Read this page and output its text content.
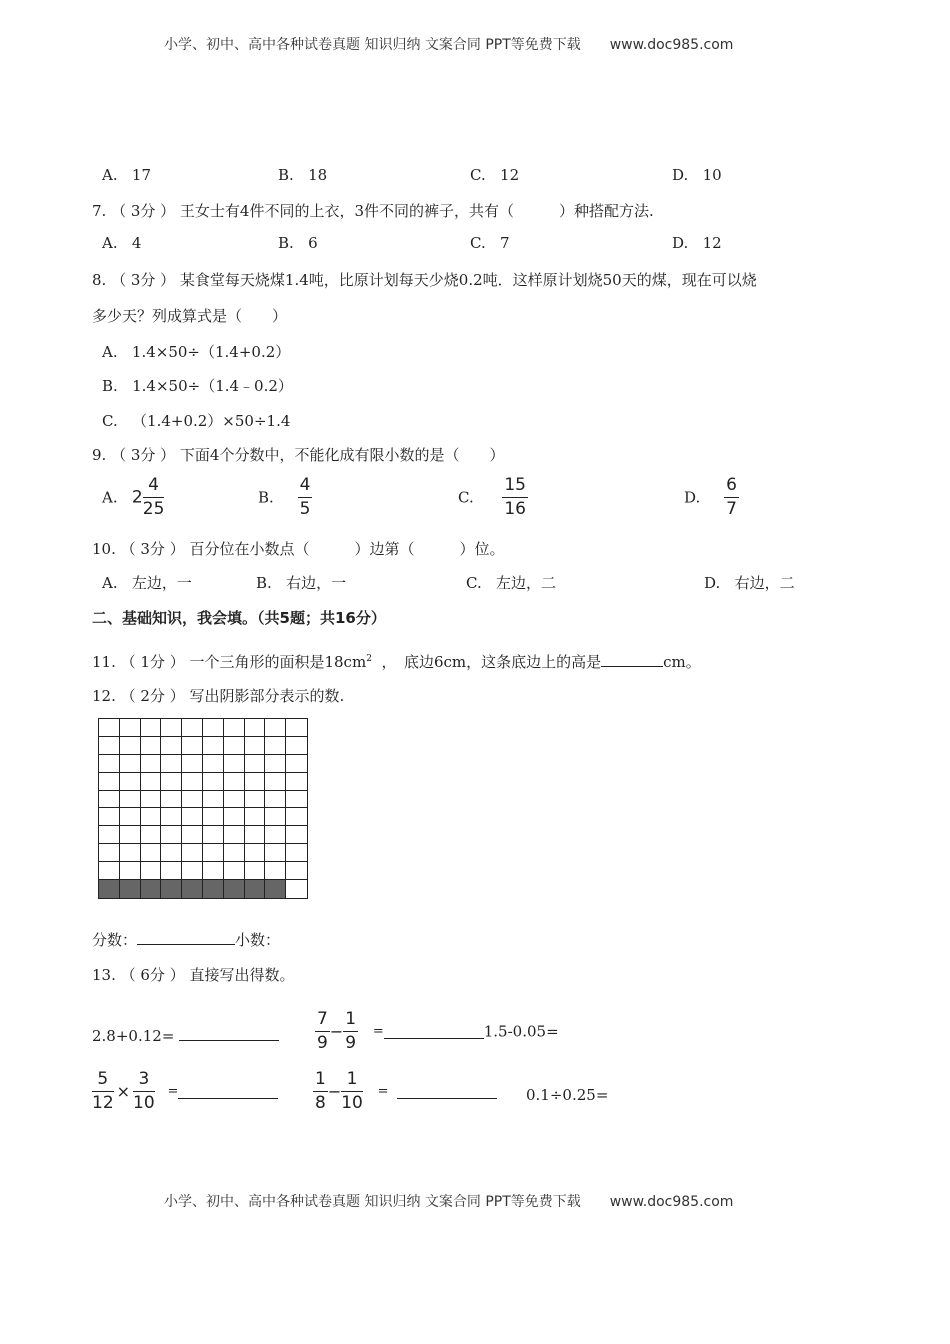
小学、初中、高中各种试卷真题 知识归纳 文案合同 PPT等免费下载 www.doc985.com
A. 17	B. 18	C. 12	D. 10
7. （ 3分 ） 王女士有4件不同的上衣，3件不同的裤子，共有（　　　）种搭配方法.
A. 4	B. 6	C. 7	D. 12
8. （ 3分 ） 某食堂每天烧煤1.4吨，比原计划每天少烧0.2吨．这样原计划烧50天的煤，现在可以烧
多少天？列成算式是（　　）
A. 1.4×50÷（1.4+0.2）
B. 1.4×50÷（1.4﹣0.2）
C. （1.4+0.2）×50÷1.4
9. （ 3分 ） 下面4个分数中，不能化成有限小数的是（　　）
A. $2 \frac{4}{25}$	B. $\frac{4}{5}$	C. $\frac{15}{16}$	D. $\frac{6}{7}$
10. （ 3分 ） 百分位在小数点（　　　）边第（　　　）位。
A. 左边，一	B. 右边，一	C. 左边，二	D. 右边，二
二、基础知识，我会填。（共5题；共16分）
11. （ 1分 ） 一个三角形的面积是$18cm^2$ ，　底边6cm，这条底边上的高是	cm。
12. （ 2分 ） 写出阴影部分表示的数.
分数：	小数：
13. （ 6分 ） 直接写出得数。
2.8+0.12=	$\frac{7}{9} - \frac{1}{9}$ =	1.5-0.05=
$\frac{5}{12} \times \frac{3}{10}$ =	$\frac{1}{8} - \frac{1}{10}$ =	0.1÷0.25=
小学、初中、高中各种试卷真题 知识归纳 文案合同 PPT等免费下载 www.doc985.com
